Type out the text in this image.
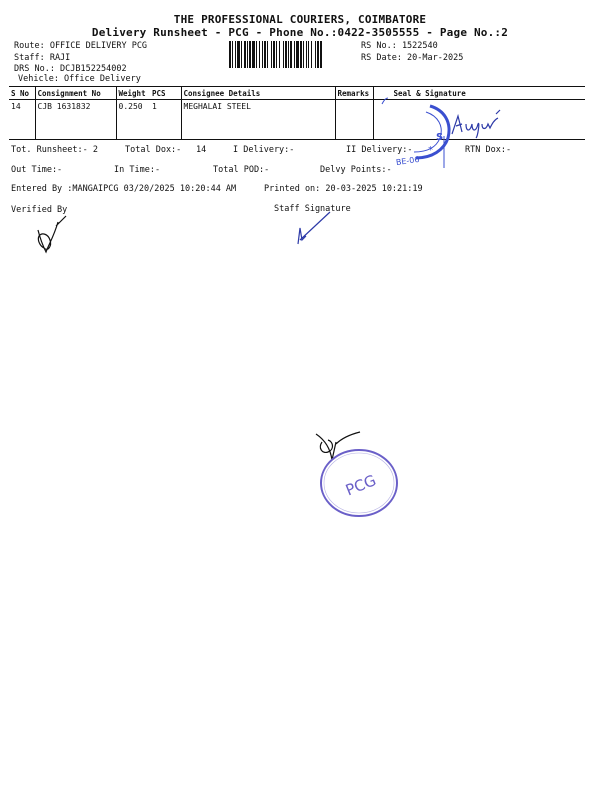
THE PROFESSIONAL COURIERS, COIMBATORE
Delivery Runsheet - PCG - Phone No.:0422-3505555 - Page No.:2
Route: OFFICE DELIVERY PCG
Staff: RAJI
DRS No.: DCJB152254002
Vehicle: Office Delivery
RS No.: 1522540
RS Date: 20-Mar-2025
S No	Consignment No	Weight	PCS	Consignee Details	Remarks	Seal & Signature
14	CJB 1631832	0.250	1	MEGHALAI STEEL		
Tot. Runsheet:- 2	Total Dox:- 14	I Delivery:-	II Delivery:-	RTN Dox:-
Out Time:-	In Time:-	Total POD:-	Delvy Points:-
Entered By :MANGAIPCG 03/20/2025 10:20:44 AM	Printed on: 20-03-2025 10:21:19
Verified By	Staff Signature
S
*
BE-06
PCG
